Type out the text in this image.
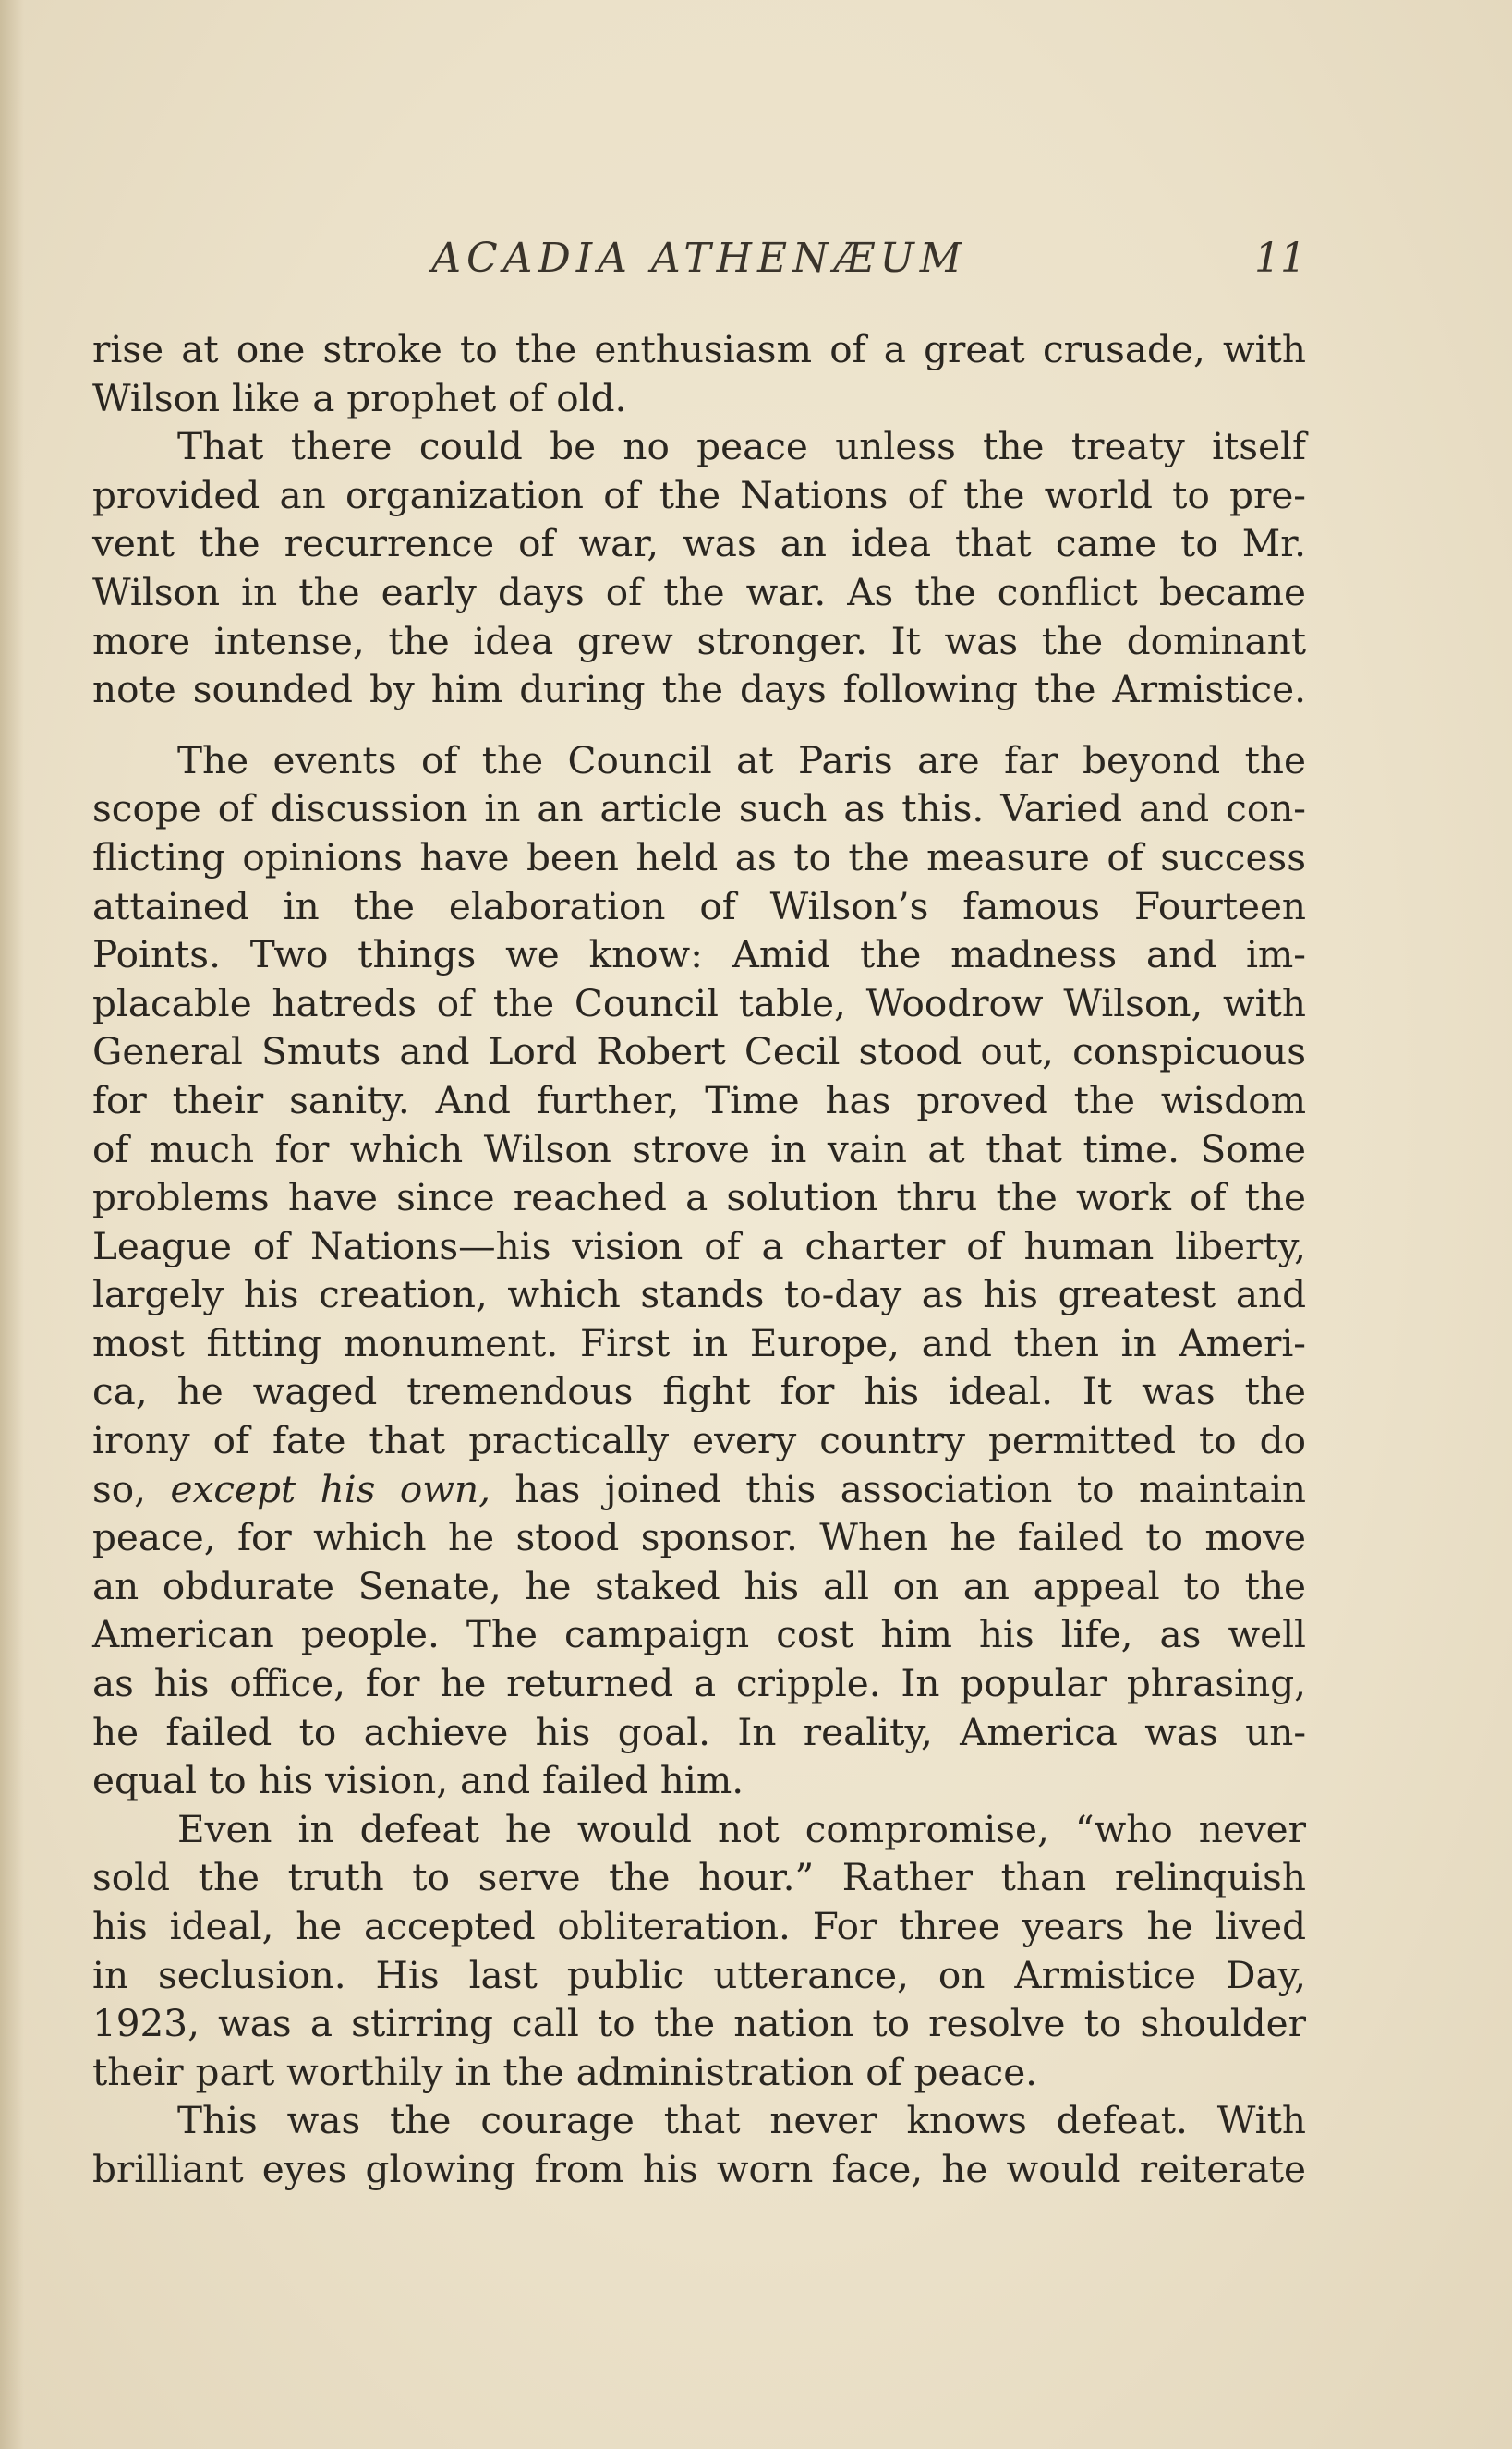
ACADIA ATHENÆUM	11

rise at one stroke to the enthusiasm of a great crusade, with

Wilson like a prophet of old.

That there could be no peace unless the treaty itself

provided an organization of the Nations of the world to pre-

vent the recurrence of war, was an idea that came to Mr.

Wilson in the early days of the war. As the conflict became

more intense, the idea grew stronger. It was the dominant

note sounded by him during the days following the Armistice.

The events of the Council at Paris are far beyond the

scope of discussion in an article such as this. Varied and con-

flicting opinions have been held as to the measure of success

attained in the elaboration of Wilson’s famous Fourteen

Points. Two things we know: Amid the madness and im-

placable hatreds of the Council table, Woodrow Wilson, with

General Smuts and Lord Robert Cecil stood out, conspicuous

for their sanity. And further, Time has proved the wisdom

of much for which Wilson strove in vain at that time. Some

problems have since reached a solution thru the work of the

League of Nations—his vision of a charter of human liberty,

largely his creation, which stands to-day as his greatest and

most fitting monument. First in Europe, and then in Ameri-

ca, he waged tremendous fight for his ideal. It was the

irony of fate that practically every country permitted to do

so, except his own, has joined this association to maintain

peace, for which he stood sponsor. When he failed to move

an obdurate Senate, he staked his all on an appeal to the

American people. The campaign cost him his life, as well

as his office, for he returned a cripple. In popular phrasing,

he failed to achieve his goal. In reality, America was un-

equal to his vision, and failed him.

Even in defeat he would not compromise, “who never

sold the truth to serve the hour.” Rather than relinquish

his ideal, he accepted obliteration. For three years he lived

in seclusion. His last public utterance, on Armistice Day,

1923, was a stirring call to the nation to resolve to shoulder

their part worthily in the administration of peace.

This was the courage that never knows defeat. With

brilliant eyes glowing from his worn face, he would reiterate
